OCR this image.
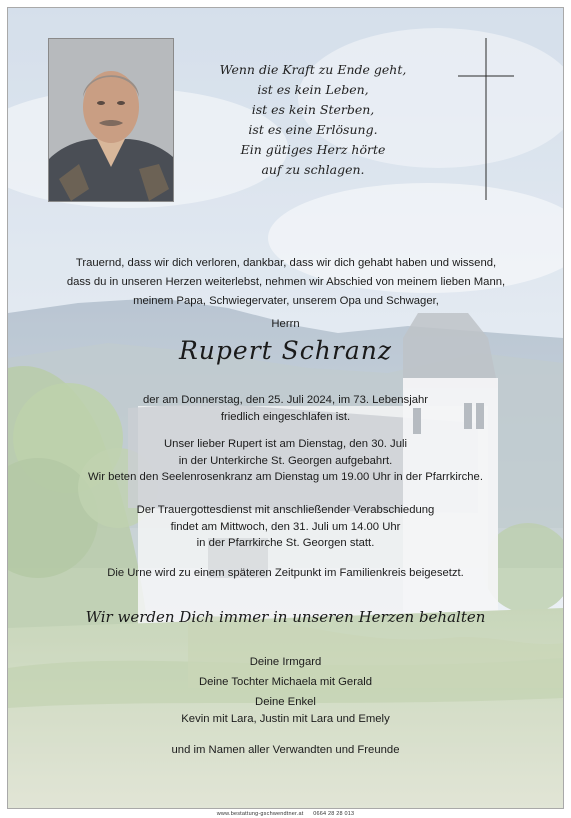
Wenn die Kraft zu Ende geht,
ist es kein Leben,
ist es kein Sterben,
ist es eine Erlösung.
Ein gütiges Herz hörte
auf zu schlagen.
Trauernd, dass wir dich verloren, dankbar, dass wir dich gehabt haben und wissend,
dass du in unseren Herzen weiterlebst, nehmen wir Abschied von meinem lieben Mann,
meinem Papa, Schwiegervater, unserem Opa und Schwager,
Herrn
Rupert Schranz
der am Donnerstag, den 25. Juli 2024, im 73. Lebensjahr
friedlich eingeschlafen ist.
Unser lieber Rupert ist am Dienstag, den 30. Juli
in der Unterkirche St. Georgen aufgebahrt.
Wir beten den Seelenrosenkranz am Dienstag um 19.00 Uhr in der Pfarrkirche.
Der Trauergottesdienst mit anschließender Verabschiedung
findet am Mittwoch, den 31. Juli um 14.00 Uhr
in der Pfarrkirche St. Georgen statt.
Die Urne wird zu einem späteren Zeitpunkt im Familienkreis beigesetzt.
Wir werden Dich immer in unseren Herzen behalten
Deine Irmgard
Deine Tochter Michaela mit Gerald
Deine Enkel
Kevin mit Lara, Justin mit Lara und Emely
und im Namen aller Verwandten und Freunde
www.bestattung-gschwendtner.at 0664 28 28 013
